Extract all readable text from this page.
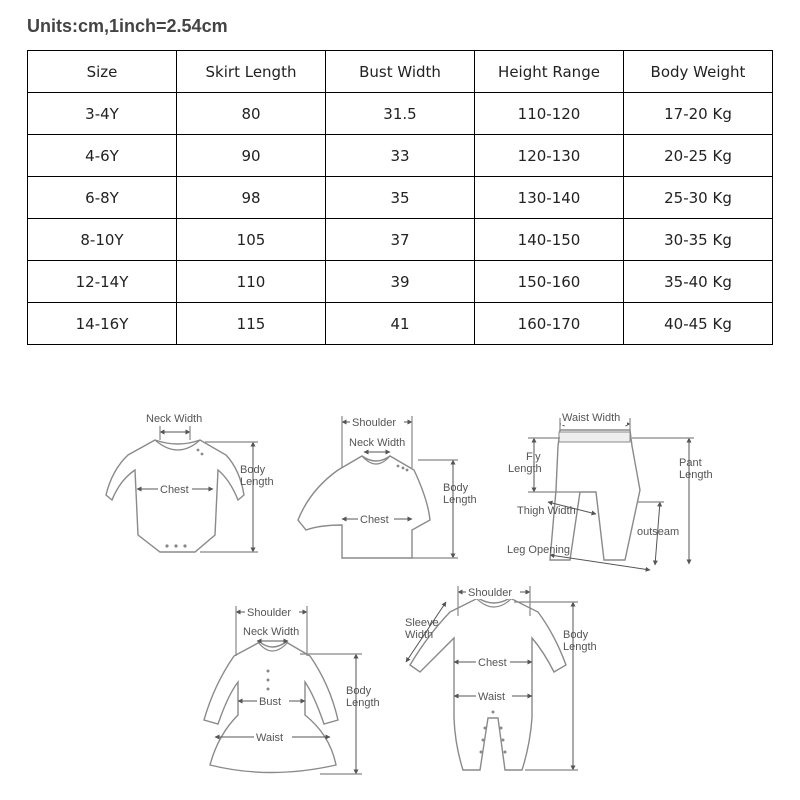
Units:cm,1inch=2.54cm
Size	Skirt Length	Bust Width	Height Range	Body Weight
3-4Y	80	31.5	110-120	17-20 Kg
4-6Y	90	33	120-130	20-25 Kg
6-8Y	98	35	130-140	25-30 Kg
8-10Y	105	37	140-150	30-35 Kg
12-14Y	110	39	150-160	35-40 Kg
14-16Y	115	41	160-170	40-45 Kg
Neck Width
Chest
Body
Length
Shoulder
Neck Width
Chest
Body
Length
Waist Width
Fly
Length	Pant
Length
Thigh Width
outseam
Leg Opening
Shoulder
Neck Width
Bust
Waist
Body
Length
Shoulder
Sleeve
Width
Chest
Waist
Body
Length
